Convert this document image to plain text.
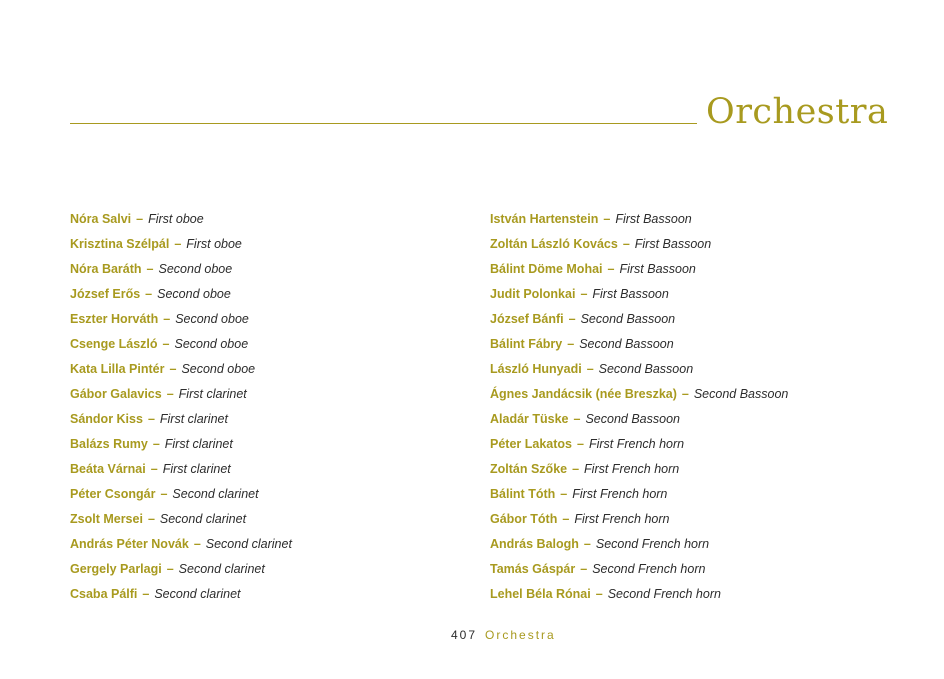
Orchestra
Nóra Salvi – First oboe
Krisztina Szélpál – First oboe
Nóra Baráth – Second oboe
József Erős – Second oboe
Eszter Horváth – Second oboe
Csenge László – Second oboe
Kata Lilla Pintér – Second oboe
Gábor Galavics – First clarinet
Sándor Kiss – First clarinet
Balázs Rumy – First clarinet
Beáta Várnai – First clarinet
Péter Csongár – Second clarinet
Zsolt Mersei – Second clarinet
András Péter Novák – Second clarinet
Gergely Parlagi – Second clarinet
Csaba Pálfi – Second clarinet
István Hartenstein – First Bassoon
Zoltán László Kovács – First Bassoon
Bálint Döme Mohai – First Bassoon
Judit Polonkai – First Bassoon
József Bánfi – Second Bassoon
Bálint Fábry – Second Bassoon
László Hunyadi – Second Bassoon
Ágnes Jandácsik (née Breszka) – Second Bassoon
Aladár Tüske – Second Bassoon
Péter Lakatos – First French horn
Zoltán Szőke – First French horn
Bálint Tóth – First French horn
Gábor Tóth – First French horn
András Balogh – Second French horn
Tamás Gáspár – Second French horn
Lehel Béla Rónai – Second French horn
407 Orchestra
